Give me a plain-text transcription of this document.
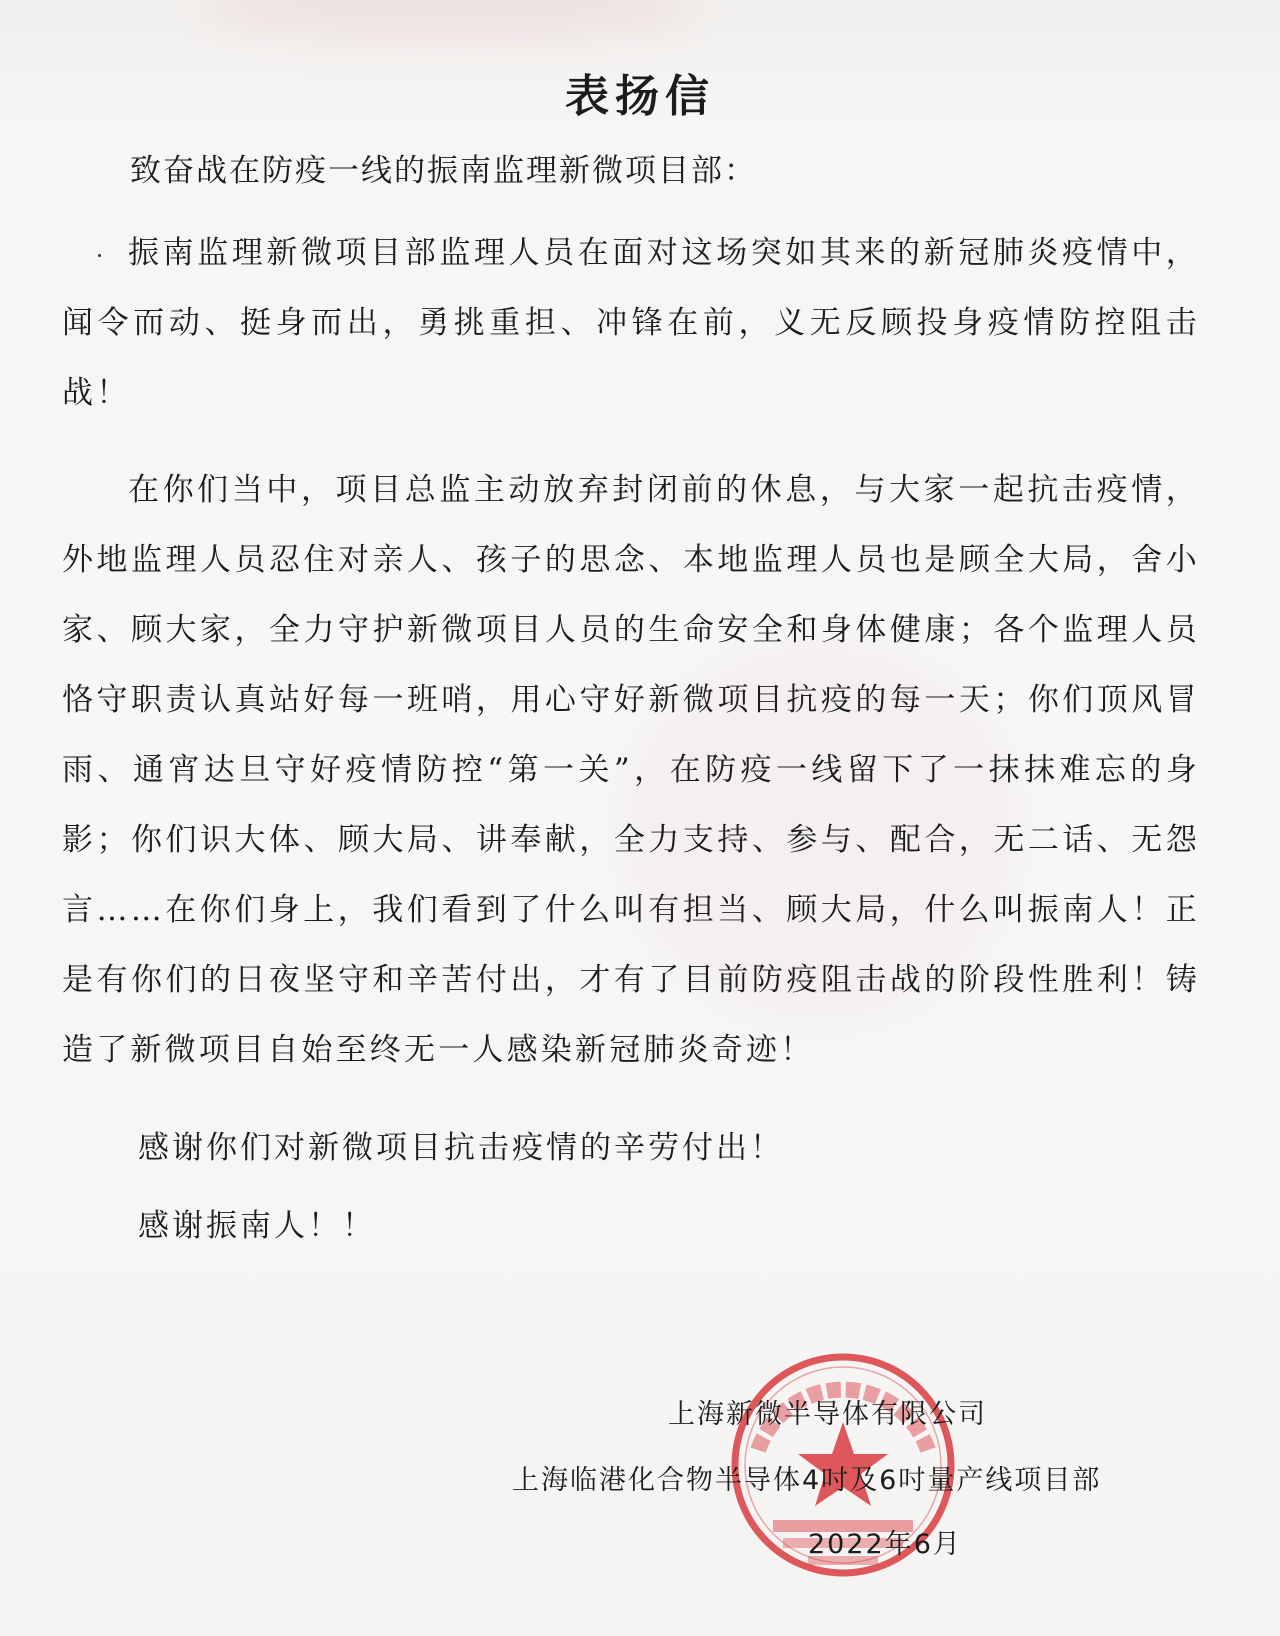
表扬信
致奋战在防疫一线的振南监理新微项目部：
振南监理新微项目部监理人员在面对这场突如其来的新冠肺炎疫情中，闻令而动、挺身而出，勇挑重担、冲锋在前，义无反顾投身疫情防控阻击战！
在你们当中，项目总监主动放弃封闭前的休息，与大家一起抗击疫情，外地监理人员忍住对亲人、孩子的思念、本地监理人员也是顾全大局，舍小家、顾大家，全力守护新微项目人员的生命安全和身体健康；各个监理人员恪守职责认真站好每一班哨，用心守好新微项目抗疫的每一天；你们顶风冒雨、通宵达旦守好疫情防控“第一关”，在防疫一线留下了一抹抹难忘的身影；你们识大体、顾大局、讲奉献，全力支持、参与、配合，无二话、无怨言……在你们身上，我们看到了什么叫有担当、顾大局，什么叫振南人！正是有你们的日夜坚守和辛苦付出，才有了目前防疫阻击战的阶段性胜利！铸造了新微项目自始至终无一人感染新冠肺炎奇迹！
感谢你们对新微项目抗击疫情的辛劳付出！
感谢振南人！！
上海新微半导体有限公司
上海临港化合物半导体4吋及6吋量产线项目部
2022年6月
